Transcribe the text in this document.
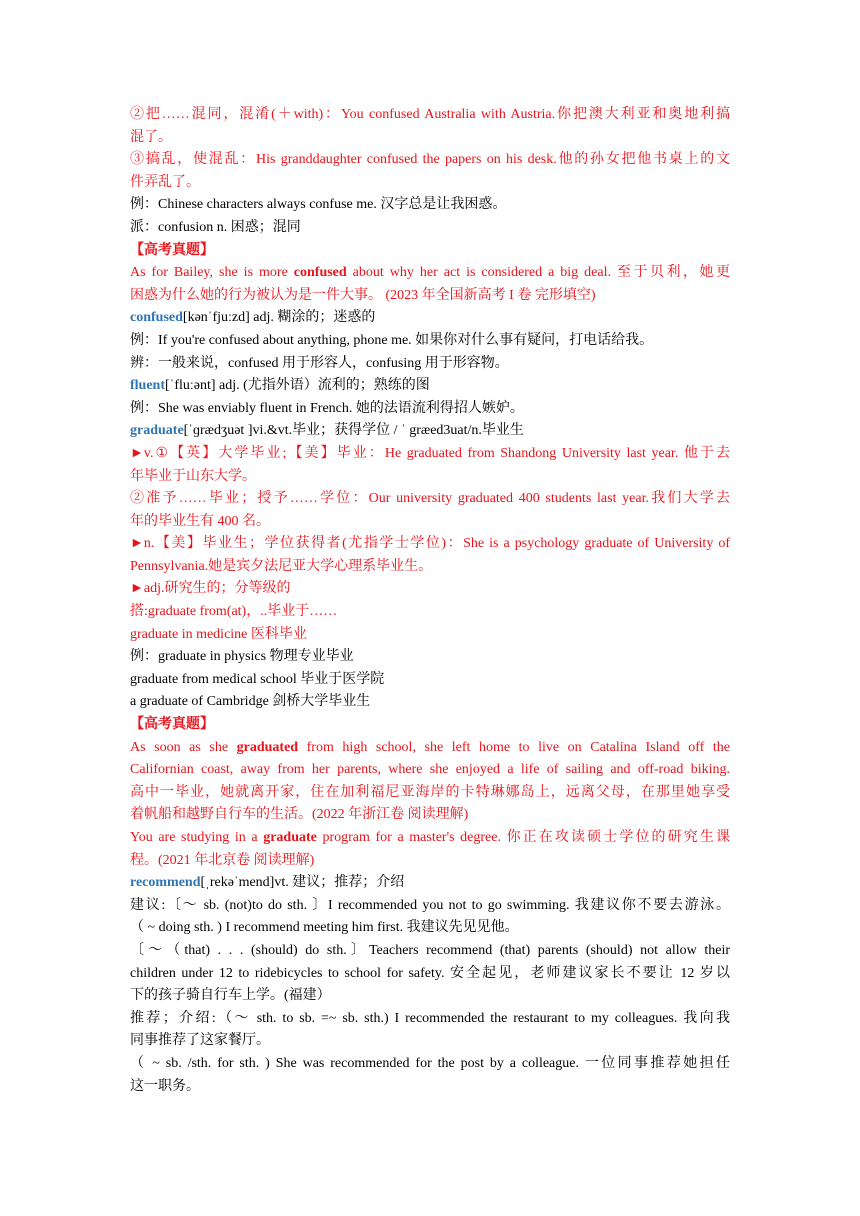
②把……混同，混淆(＋with)：You confused Australia with Austria.你把澳大利亚和奥地利搞
混了。
③搞乱，使混乱：His granddaughter confused the papers on his desk.他的孙女把他书桌上的文
件弄乱了。
例：Chinese characters always confuse me. 汉字总是让我困惑。
派：confusion n. 困惑；混同
【高考真题】
As for Bailey, she is more confused about why her act is considered a big deal. 至于贝利，她更
困惑为什么她的行为被认为是一件大事。 (2023 年全国新高考 I 卷 完形填空)
confused[kənˈfjuːzd] adj. 糊涂的；迷惑的
例：If you're confused about anything, phone me. 如果你对什么事有疑问，打电话给我。
辨：一般来说，confused 用于形容人，confusing 用于形容物。
fluent[ˈfluːənt] adj. (尤指外语）流利的；熟练的图
例：She was enviably fluent in French. 她的法语流利得招人嫉妒。
graduate[ˈɡrædʒuət ]vi.&vt.毕业；获得学位 / ˈ græed3uat/n.毕业生
►v.①【英】大学毕业;【美】毕业：He graduated from Shandong University last year. 他于去
年毕业于山东大学。
②准予……毕业；授予……学位：Our university graduated 400 students last year.我们大学去
年的毕业生有 400 名。
►n.【美】毕业生；学位获得者(尤指学士学位)：She is a psychology graduate of University of
Pennsylvania.她是宾夕法尼亚大学心理系毕业生。
►adj.研究生的；分等级的
搭:graduate from(at)，..毕业于……
graduate in medicine 医科毕业
例：graduate in physics 物理专业毕业
graduate from medical school 毕业于医学院
a graduate of Cambridge 剑桥大学毕业生
【高考真题】
As soon as she graduated from high school, she left home to live on Catalina Island off the
Californian coast, away from her parents, where she enjoyed a life of sailing and off-road biking.
高中一毕业，她就离开家，住在加利福尼亚海岸的卡特琳娜岛上，远离父母，在那里她享受
着帆船和越野自行车的生活。(2022 年浙江卷 阅读理解)
You are studying in a graduate program for a master's degree. 你正在攻读硕士学位的研究生课
程。(2021 年北京卷 阅读理解)
recommend[ˌrekəˈmend]vt. 建议；推荐；介绍
建议:〔～ sb. (not)to do sth. 〕I recommended you not to go swimming. 我建议你不要去游泳。
（ ~ doing sth. ) I recommend meeting him first. 我建议先见见他。
〔～（that) . . . (should) do sth.〕Teachers recommend (that) parents (should) not allow their
children under 12 to ridebicycles to school for safety. 安全起见，老师建议家长不要让 12 岁以
下的孩子骑自行车上学。(福建）
推荐；介绍:（～ sth. to sb. =~ sb. sth.) I recommended the restaurant to my colleagues. 我向我
同事推荐了这家餐厅。
（ ~ sb. /sth. for sth. ) She was recommended for the post by a colleague. 一位同事推荐她担任
这一职务。
